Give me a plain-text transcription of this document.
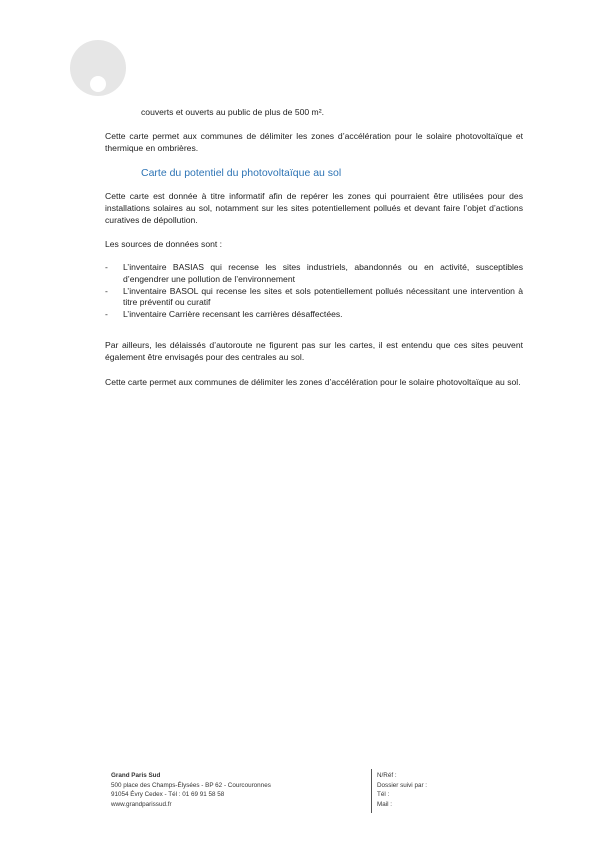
couverts et ouverts au public de plus de 500 m².
Cette carte permet aux communes de délimiter les zones d’accélération pour le solaire photovoltaïque et thermique en ombrières.
Carte du potentiel du photovoltaïque au sol
Cette carte est donnée à titre informatif afin de repérer les zones qui pourraient être utilisées pour des installations solaires au sol, notamment sur les sites potentiellement pollués et devant faire l’objet d’actions curatives de dépollution.
Les sources de données sont :
- L’inventaire BASIAS qui recense les sites industriels, abandonnés ou en activité, susceptibles d’engendrer une pollution de l’environnement
- L’inventaire BASOL qui recense les sites et sols potentiellement pollués nécessitant une intervention à titre préventif ou curatif
- L’inventaire Carrière recensant les carrières désaffectées.
Par ailleurs, les délaissés d’autoroute ne figurent pas sur les cartes, il est entendu que ces sites peuvent également être envisagés pour des centrales au sol.
Cette carte permet aux communes de délimiter les zones d’accélération pour le solaire photovoltaïque au sol.
Grand Paris Sud
500 place des Champs-Élysées - BP 62 - Courcouronnes
91054 Évry Cedex - Tél : 01 69 91 58 58
www.grandparissud.fr
N/Réf :
Dossier suivi par :
Tél :
Mail :
